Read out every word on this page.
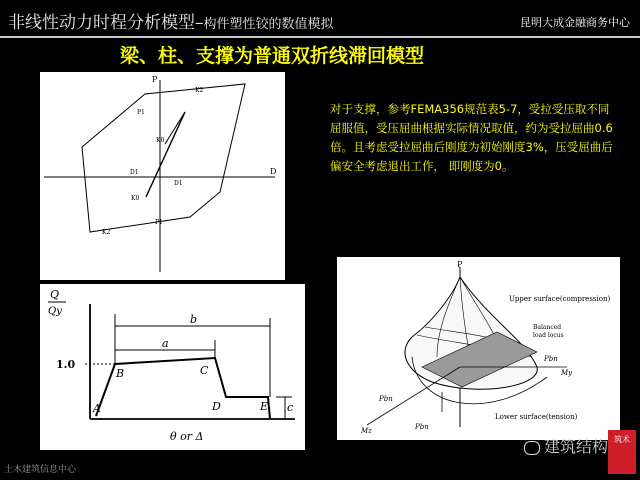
非线性动力时程分析模型–构件塑性铰的数值模拟	昆明大成金融商务中心
梁、柱、支撑为普通双折线滞回模型
P
D
K2
K2
P1
P1
D1
D1
K0
K0
对于支撑，参考FEMA356规范表5-7，受拉受压取不同屈服值，受压屈曲根据实际情况取值，约为受拉屈曲0.6倍。且考虑受拉屈曲后刚度为初始刚度3%，压受屈曲后偏安全考虑退出工作， 即刚度为0。
Q
Qy
1.0
b
a
c
A
B	C
D	E
θ or Δ
P
Upper surface(compression)
Balanced
load locus
Lower surface(tension)
Pbn
Pbn
Pbn
My
Mz
建筑结构 筑术
土木建筑信息中心
